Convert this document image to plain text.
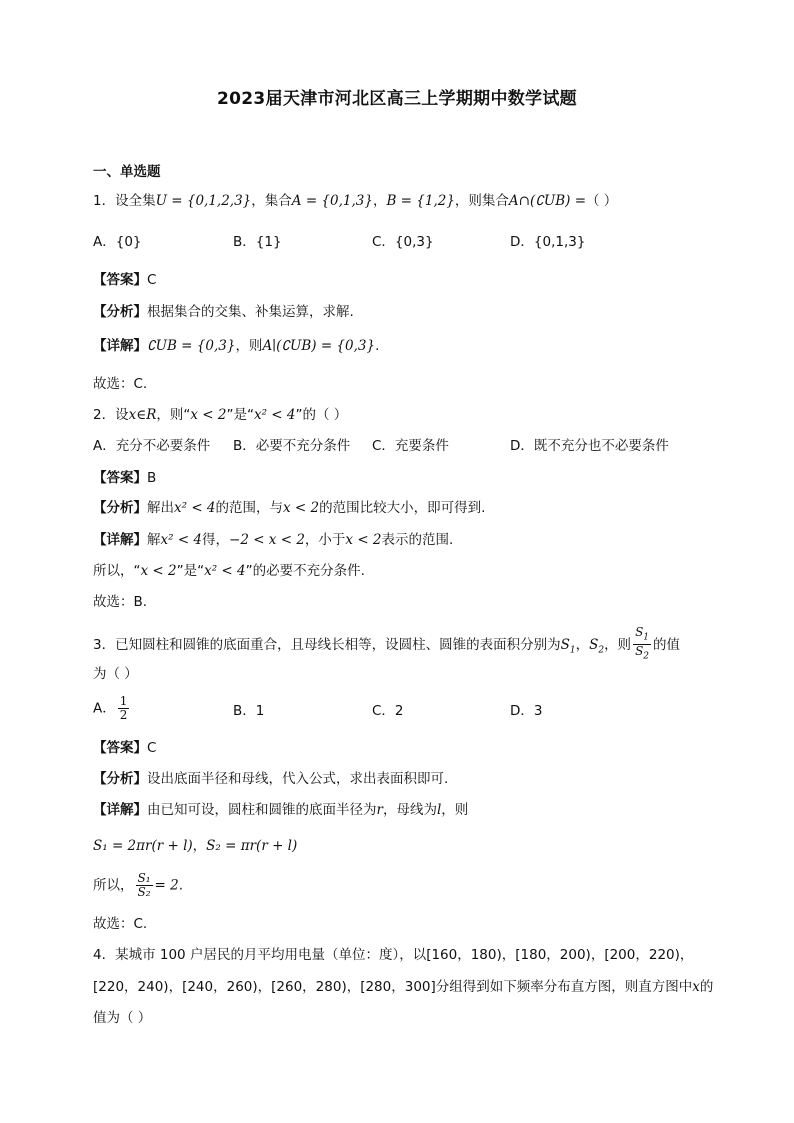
2023届天津市河北区高三上学期期中数学试题
一、单选题
1．设全集U = {0,1,2,3}，集合A = {0,1,3}，B = {1,2}，则集合A∩(∁UB) =（ ）
A．{0}	B．{1}	C．{0,3}	D．{0,1,3}
【答案】C
【分析】根据集合的交集、补集运算，求解.
【详解】∁UB = {0,3}，则A∣(∁UB) = {0,3}.
故选：C.
2．设x∈R，则“x < 2”是“x² < 4”的（ ）
A．充分不必要条件 B．必要不充分条件 C．充要条件	D．既不充分也不必要条件
【答案】B
【分析】解出x² < 4的范围，与x < 2的范围比较大小，即可得到.
【详解】解x² < 4得，−2 < x < 2，小于x < 2表示的范围.
所以，“x < 2”是“x² < 4”的必要不充分条件.
故选：B.
3．已知圆柱和圆锥的底面重合，且母线长相等，设圆柱、圆锥的表面积分别为$S_1$，$S_2$，则 $\frac{S_1}{S_2}$ 的值
为（ ）
A． $\frac{1}{2}$	B．1	C．2	D．3
【答案】C
【分析】设出底面半径和母线，代入公式，求出表面积即可.
【详解】由已知可设，圆柱和圆锥的底面半径为r，母线为l，则
S₁ = 2πr(r + l)，S₂ = πr(r + l)
所以， $\frac{\text{S₁}}{\text{S₂}} = 2$.
故选：C.
4．某城市 100 户居民的月平均用电量（单位：度），以[160，180)，[180，200)，[200，220)，
[220，240)，[240，260)，[260，280)，[280，300]分组得到如下频率分布直方图，则直方图中x的
值为（ ）
